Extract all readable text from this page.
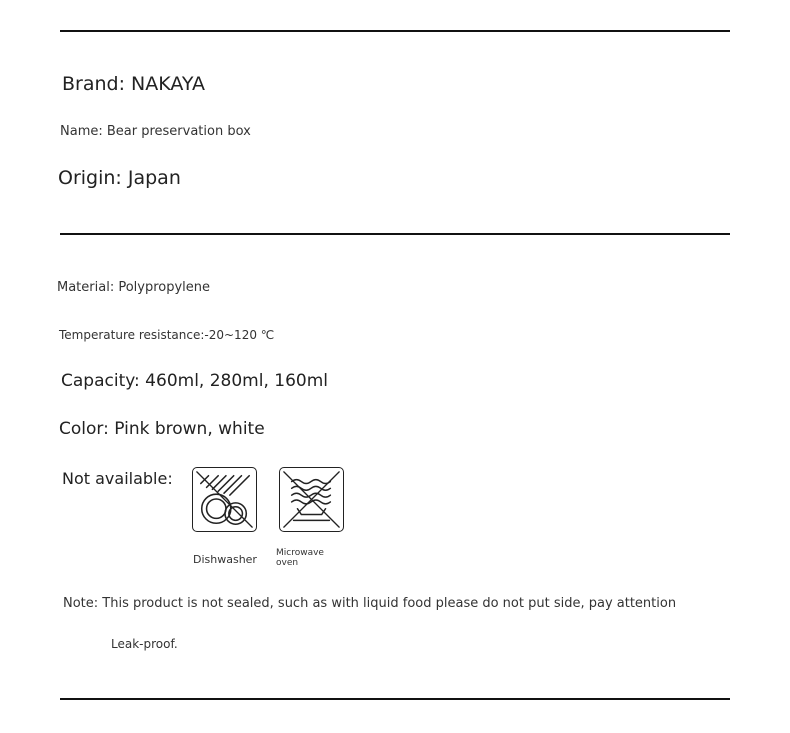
Brand: NAKAYA
Name: Bear preservation box
Origin: Japan
Material: Polypropylene
Temperature resistance:-20~120 ℃
Capacity: 460ml, 280ml, 160ml
Color: Pink brown, white
Not available:
Dishwasher Microwave
oven
Note: This product is not sealed, such as with liquid food please do not put side, pay attention
Leak-proof.
